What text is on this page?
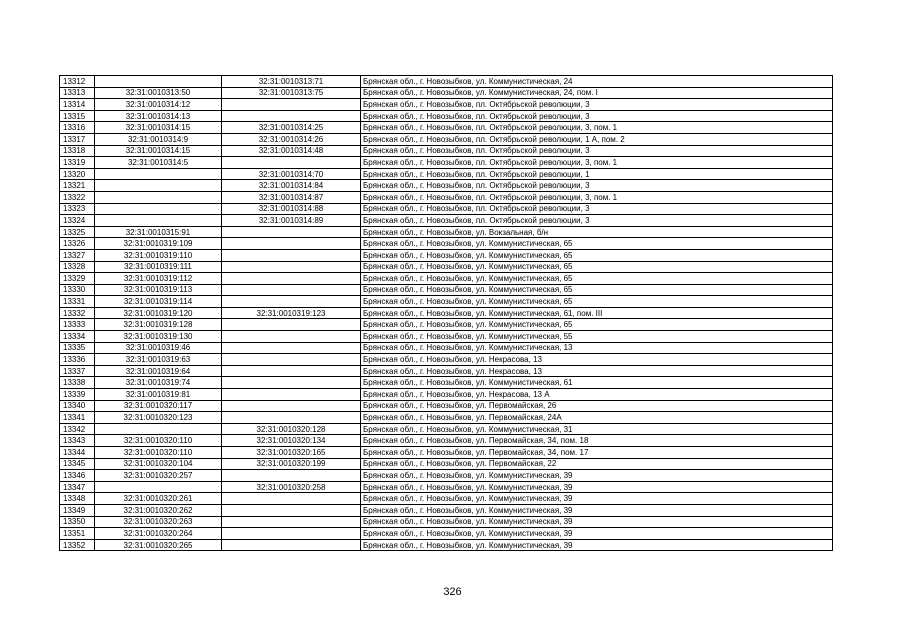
13312		32:31:0010313:71	Брянская обл., г. Новозыбков, ул. Коммунистическая, 24
13313	32:31:0010313:50	32:31:0010313:75	Брянская обл., г. Новозыбков, ул. Коммунистическая, 24, пом. I
13314	32:31:0010314:12		Брянская обл., г. Новозыбков, пл. Октябрьской революции, 3
13315	32:31:0010314:13		Брянская обл., г. Новозыбков, пл. Октябрьской революции, 3
13316	32:31:0010314:15	32:31:0010314:25	Брянская обл., г. Новозыбков, пл. Октябрьской революции, 3, пом. 1
13317	32:31:0010314:9	32:31:0010314:26	Брянская обл., г. Новозыбков, пл. Октябрьской революции, 1 А, пом. 2
13318	32:31:0010314:15	32:31:0010314:48	Брянская обл., г. Новозыбков, пл. Октябрьской революции, 3
13319	32:31:0010314:5		Брянская обл., г. Новозыбков, пл. Октябрьской революции, 3, пом. 1
13320		32:31:0010314:70	Брянская обл., г. Новозыбков, пл. Октябрьской революции, 1
13321		32:31:0010314:84	Брянская обл., г. Новозыбков, пл. Октябрьской революции, 3
13322		32:31:0010314:87	Брянская обл., г. Новозыбков, пл. Октябрьской революции, 3, пом. 1
13323		32:31:0010314:88	Брянская обл., г. Новозыбков, пл. Октябрьской революции, 3
13324		32:31:0010314:89	Брянская обл., г. Новозыбков, пл. Октябрьской революции, 3
13325	32:31:0010315:91		Брянская обл., г. Новозыбков, ул. Вокзальная, б/н
13326	32:31:0010319:109		Брянская обл., г. Новозыбков, ул. Коммунистическая, 65
13327	32:31:0010319:110		Брянская обл., г. Новозыбков, ул. Коммунистическая, 65
13328	32:31:0010319:111		Брянская обл., г. Новозыбков, ул. Коммунистическая, 65
13329	32:31:0010319:112		Брянская обл., г. Новозыбков, ул. Коммунистическая, 65
13330	32:31:0010319:113		Брянская обл., г. Новозыбков, ул. Коммунистическая, 65
13331	32:31:0010319:114		Брянская обл., г. Новозыбков, ул. Коммунистическая, 65
13332	32:31:0010319:120	32:31:0010319:123	Брянская обл., г. Новозыбков, ул. Коммунистическая, 61, пом. III
13333	32:31:0010319:128		Брянская обл., г. Новозыбков, ул. Коммунистическая, 65
13334	32:31:0010319:130		Брянская обл., г. Новозыбков, ул. Коммунистическая, 55
13335	32:31:0010319:46		Брянская обл., г. Новозыбков, ул. Коммунистическая, 13
13336	32:31:0010319:63		Брянская обл., г. Новозыбков, ул. Некрасова, 13
13337	32:31:0010319:64		Брянская обл., г. Новозыбков, ул. Некрасова, 13
13338	32:31:0010319:74		Брянская обл., г. Новозыбков, ул. Коммунистическая, 61
13339	32:31:0010319:81		Брянская обл., г. Новозыбков, ул. Некрасова, 13 А
13340	32:31:0010320:117		Брянская обл., г. Новозыбков, ул. Первомайская, 26
13341	32:31:0010320:123		Брянская обл., г. Новозыбков, ул. Первомайская, 24А
13342		32:31:0010320:128	Брянская обл., г. Новозыбков, ул. Коммунистическая, 31
13343	32:31:0010320:110	32:31:0010320:134	Брянская обл., г. Новозыбков, ул. Первомайская, 34, пом. 18
13344	32:31:0010320:110	32:31:0010320:165	Брянская обл., г. Новозыбков, ул. Первомайская, 34, пом. 17
13345	32:31:0010320:104	32:31:0010320:199	Брянская обл., г. Новозыбков, ул. Первомайская, 22
13346	32:31:0010320:257		Брянская обл., г. Новозыбков, ул. Коммунистическая, 39
13347		32:31:0010320:258	Брянская обл., г. Новозыбков, ул. Коммунистическая, 39
13348	32:31:0010320:261		Брянская обл., г. Новозыбков, ул. Коммунистическая, 39
13349	32:31:0010320:262		Брянская обл., г. Новозыбков, ул. Коммунистическая, 39
13350	32:31:0010320:263		Брянская обл., г. Новозыбков, ул. Коммунистическая, 39
13351	32:31:0010320:264		Брянская обл., г. Новозыбков, ул. Коммунистическая, 39
13352	32:31:0010320:265		Брянская обл., г. Новозыбков, ул. Коммунистическая, 39
326
